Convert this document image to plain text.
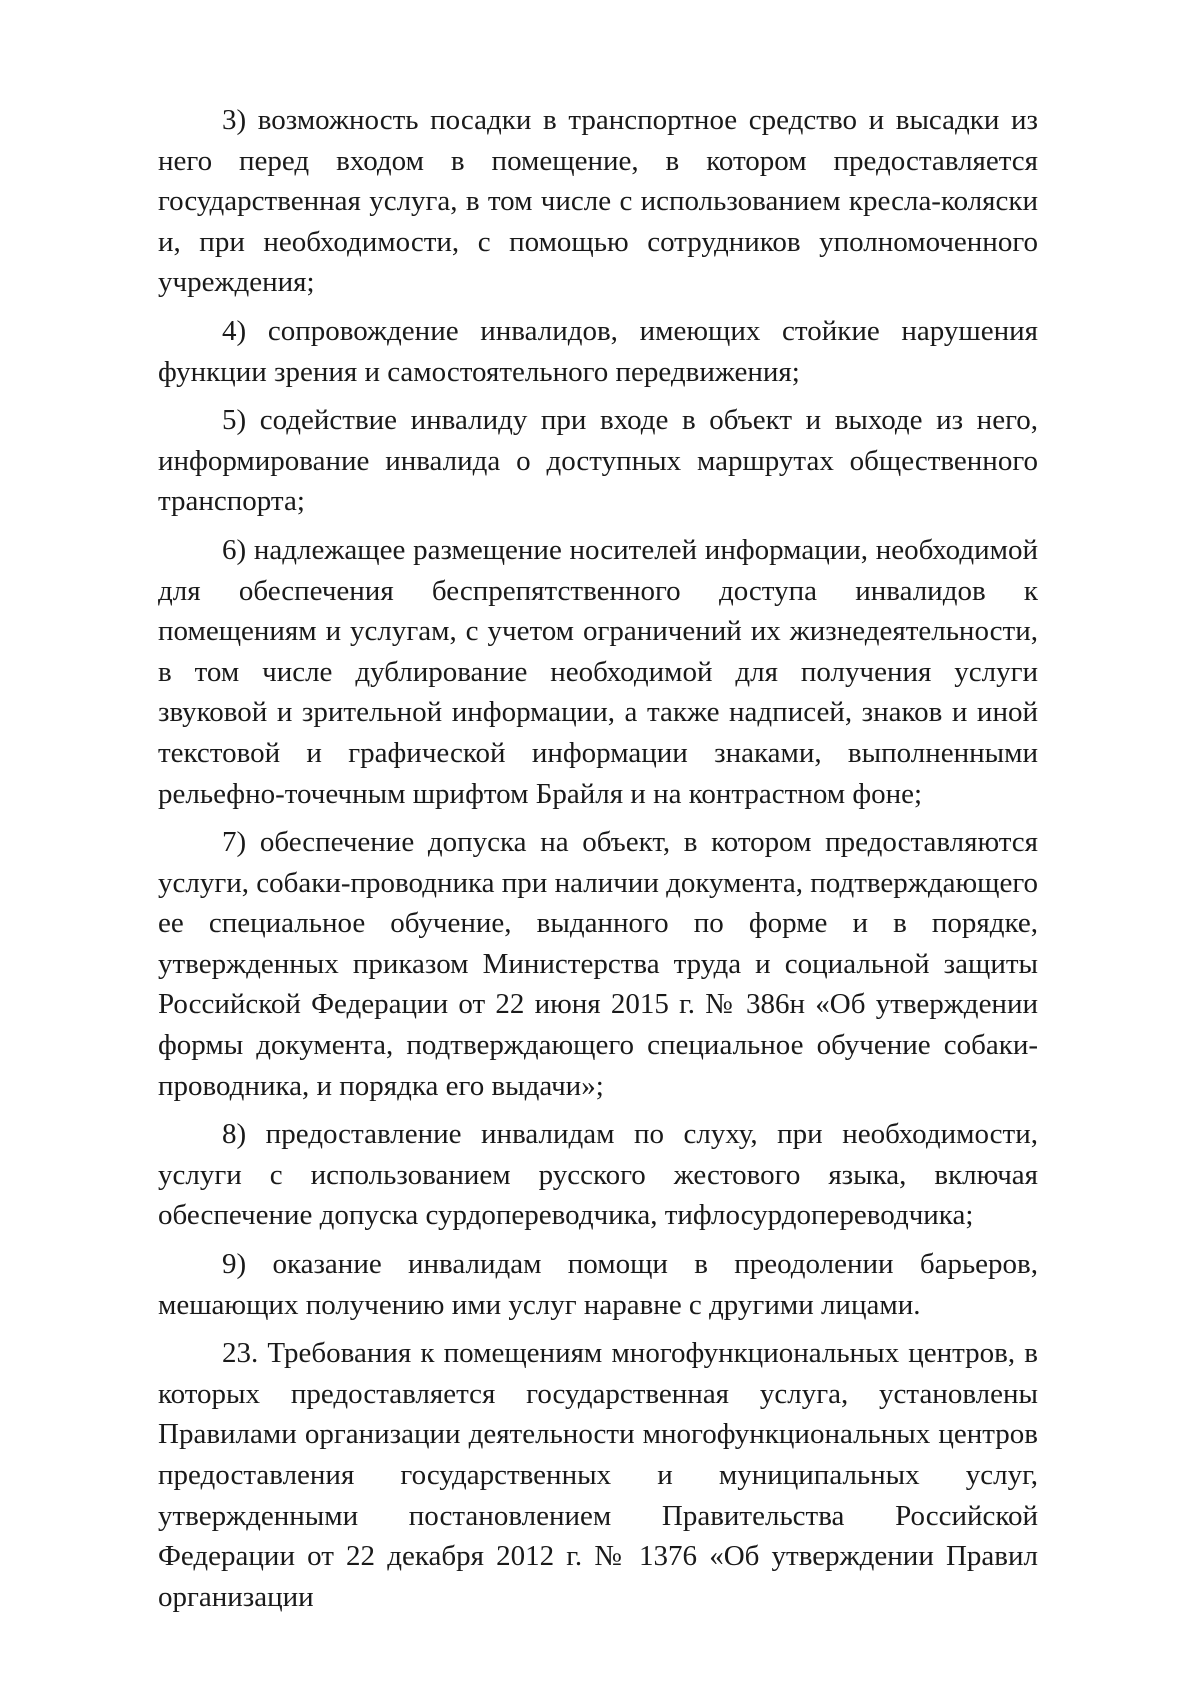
3) возможность посадки в транспортное средство и высадки из него перед входом в помещение, в котором предоставляется государственная услуга, в том числе с использованием кресла-коляски и, при необходимости, с помощью сотрудников уполномоченного учреждения;

4) сопровождение инвалидов, имеющих стойкие нарушения функции зрения и самостоятельного передвижения;

5) содействие инвалиду при входе в объект и выходе из него, информирование инвалида о доступных маршрутах общественного транспорта;

6) надлежащее размещение носителей информации, необходимой для обеспечения беспрепятственного доступа инвалидов к помещениям и услугам, с учетом ограничений их жизнедеятельности, в том числе дублирование необходимой для получения услуги звуковой и зрительной информации, а также надписей, знаков и иной текстовой и графической информации знаками, выполненными рельефно-точечным шрифтом Брайля и на контрастном фоне;

7) обеспечение допуска на объект, в котором предоставляются услуги, собаки-проводника при наличии документа, подтверждающего ее специальное обучение, выданного по форме и в порядке, утвержденных приказом Министерства труда и социальной защиты Российской Федерации от 22 июня 2015 г. № 386н «Об утверждении формы документа, подтверждающего специальное обучение собаки-проводника, и порядка его выдачи»;

8) предоставление инвалидам по слуху, при необходимости, услуги с использованием русского жестового языка, включая обеспечение допуска сурдопереводчика, тифлосурдопереводчика;

9) оказание инвалидам помощи в преодолении барьеров, мешающих получению ими услуг наравне с другими лицами.

23. Требования к помещениям многофункциональных центров, в которых предоставляется государственная услуга, установлены Правилами организации деятельности многофункциональных центров предоставления государственных и муниципальных услуг, утвержденными постановлением Правительства Российской Федерации от 22 декабря 2012 г. № 1376 «Об утверждении Правил организации
